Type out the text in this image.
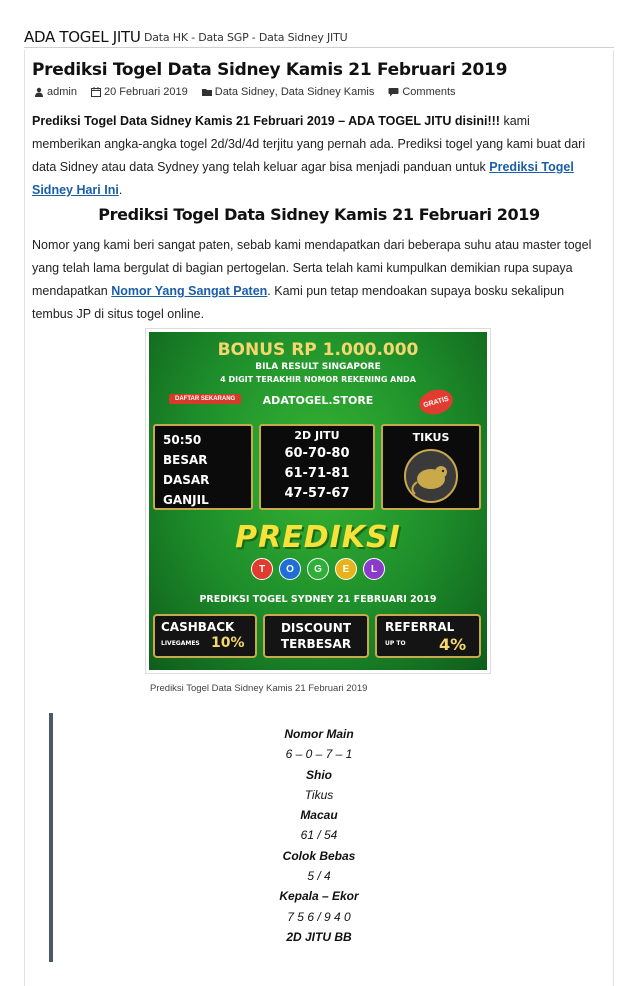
ADA TOGEL JITU Data HK - Data SGP - Data Sidney JITU
Prediksi Togel Data Sidney Kamis 21 Februari 2019
admin 20 Februari 2019 Data Sidney ,
Data Sidney Kamis	Comments

Prediksi Togel Data Sidney Kamis 21 Februari 2019 – ADA TOGEL JITU disini!!! kami memberikan angka-angka togel 2d/3d/4d terjitu yang pernah ada. Prediksi togel yang kami buat dari data Sidney atau data Sydney yang telah keluar agar bisa menjadi panduan untuk Prediksi Togel Sidney Hari Ini.

Prediksi Togel Data Sidney Kamis 21 Februari 2019

Nomor yang kami beri sangat paten, sebab kami mendapatkan dari beberapa suhu atau master togel yang telah lama bergulat di bagian pertogelan. Serta telah kami kumpulkan demikian rupa supaya mendapatkan Nomor Yang Sangat Paten. Kami pun tetap mendoakan supaya bosku sekalipun tembus JP di situs togel online.

BONUS RP 1.000.000
BILA RESULT SINGAPORE
4 DIGIT TERAKHIR NOMOR REKENING ANDA
DAFTAR SEKARANG	ADATOGEL.STORE	GRATIS
50:50
BESAR
DASAR
GANJIL
2D JITU
60-70-80
61-71-81
47-57-67
TIKUS
PREDIKSI
T	O	G	E	L
PREDIKSI TOGEL SYDNEY 21 FEBRUARI 2019
CASHBACK
LIVEGAMES 10%
DISCOUNT
TERBESAR
REFERRAL
UP TO 4%
Prediksi Togel Data Sidney Kamis 21 Februari 2019
Nomor Main
6 – 0 – 7 – 1
Shio
Tikus
Macau
61 / 54
Colok Bebas
5 / 4
Kepala – Ekor
7 5 6 / 9 4 0
2D JITU BB
